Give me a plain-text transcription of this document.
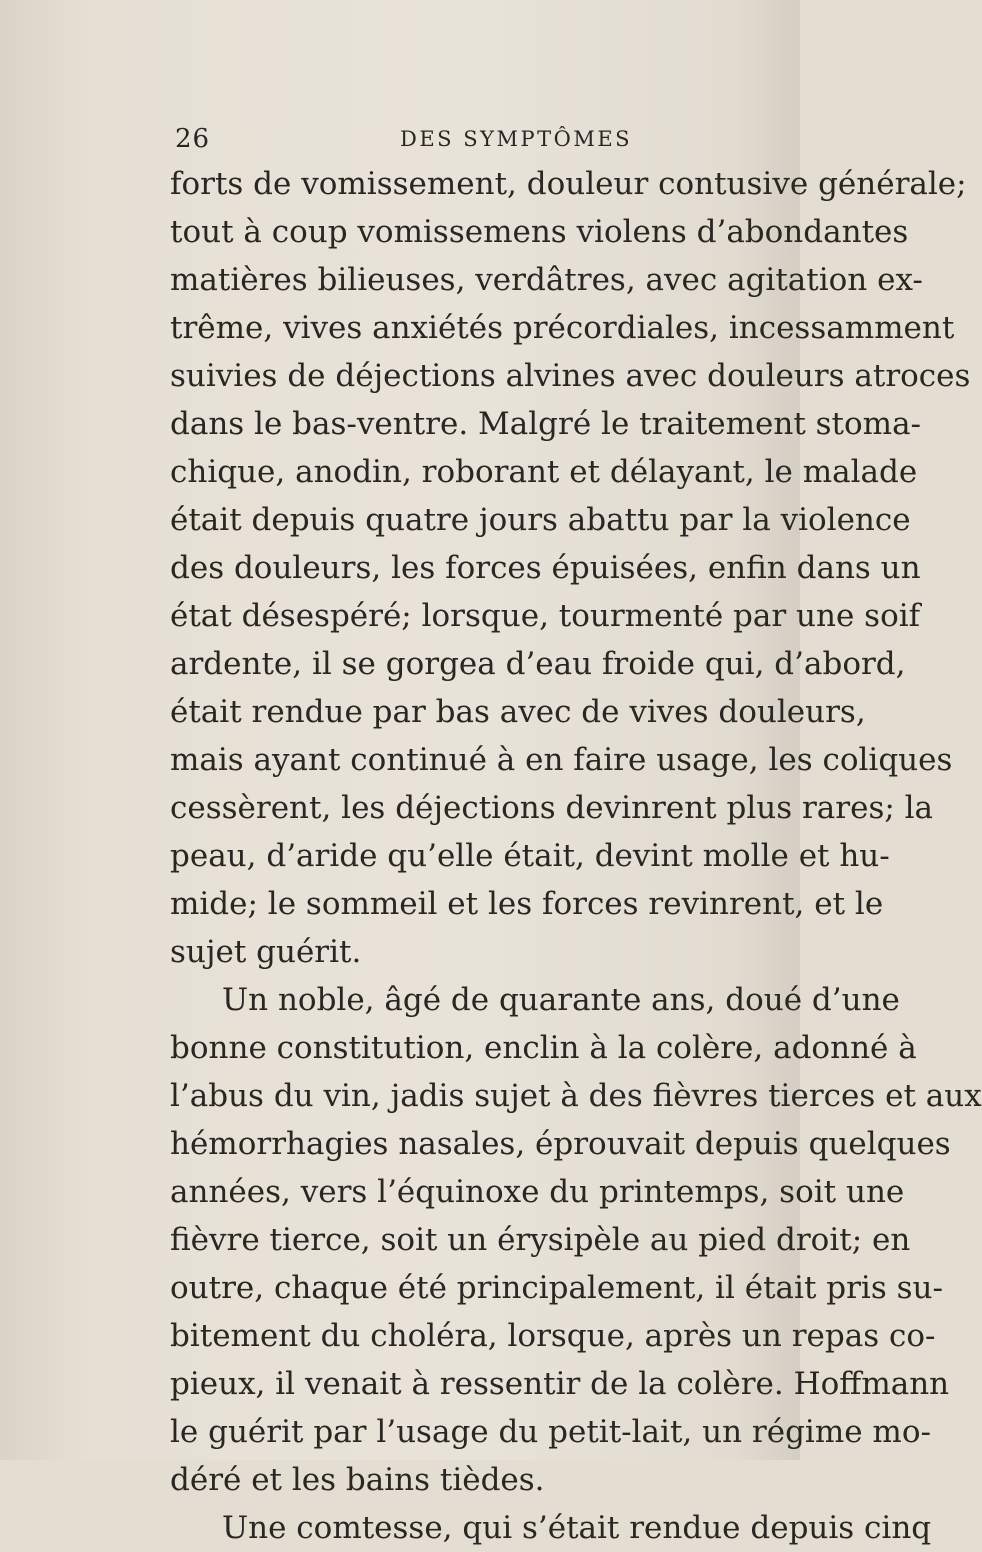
26	DES SYMPTÔMES
forts de vomissement, douleur contusive générale;
tout à coup vomissemens violens d’abondantes
matières bilieuses, verdâtres, avec agitation ex-
trême, vives anxiétés précordiales, incessamment
suivies de déjections alvines avec douleurs atroces
dans le bas-ventre. Malgré le traitement stoma-
chique, anodin, roborant et délayant, le malade
était depuis quatre jours abattu par la violence
des douleurs, les forces épuisées, enfin dans un
état désespéré; lorsque, tourmenté par une soif
ardente, il se gorgea d’eau froide qui, d’abord,
était rendue par bas avec de vives douleurs,
mais ayant continué à en faire usage, les coliques
cessèrent, les déjections devinrent plus rares; la
peau, d’aride qu’elle était, devint molle et hu-
mide; le sommeil et les forces revinrent, et le
sujet guérit.
Un noble, âgé de quarante ans, doué d’une
bonne constitution, enclin à la colère, adonné à
l’abus du vin, jadis sujet à des fièvres tierces et aux
hémorrhagies nasales, éprouvait depuis quelques
années, vers l’équinoxe du printemps, soit une
fièvre tierce, soit un érysipèle au pied droit; en
outre, chaque été principalement, il était pris su-
bitement du choléra, lorsque, après un repas co-
pieux, il venait à ressentir de la colère. Hoffmann
le guérit par l’usage du petit-lait, un régime mo-
déré et les bains tièdes.
Une comtesse, qui s’était rendue depuis cinq
